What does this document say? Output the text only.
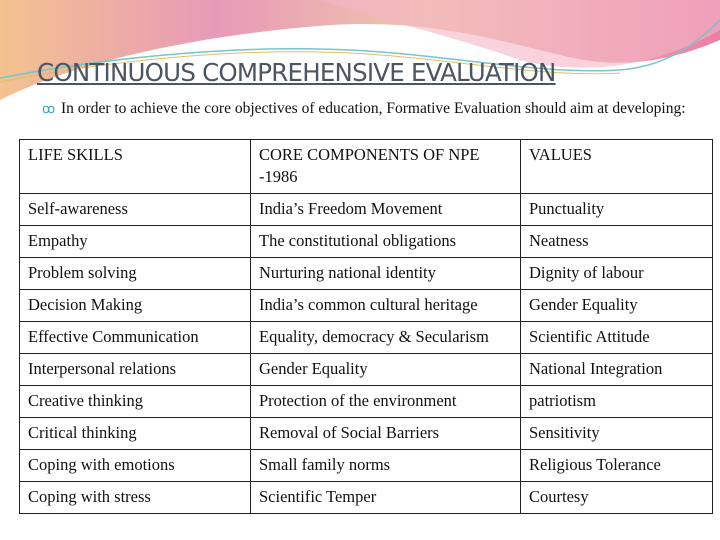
CONTINUOUS COMPREHENSIVE EVALUATION
ꝏ In order to achieve the core objectives of education, Formative Evaluation should aim at developing:
LIFE SKILLS	CORE COMPONENTS OF NPE -1986	VALUES
Self-awareness	India’s Freedom Movement	Punctuality
Empathy	The constitutional obligations	Neatness
Problem solving	Nurturing national identity	Dignity of labour
Decision Making	India’s common cultural heritage	Gender Equality
Effective Communication	Equality, democracy & Secularism	Scientific Attitude
Interpersonal relations	Gender Equality	National Integration
Creative thinking	Protection of the environment	patriotism
Critical thinking	Removal of Social Barriers	Sensitivity
Coping with emotions	Small family norms	Religious Tolerance
Coping with stress	Scientific Temper	Courtesy
